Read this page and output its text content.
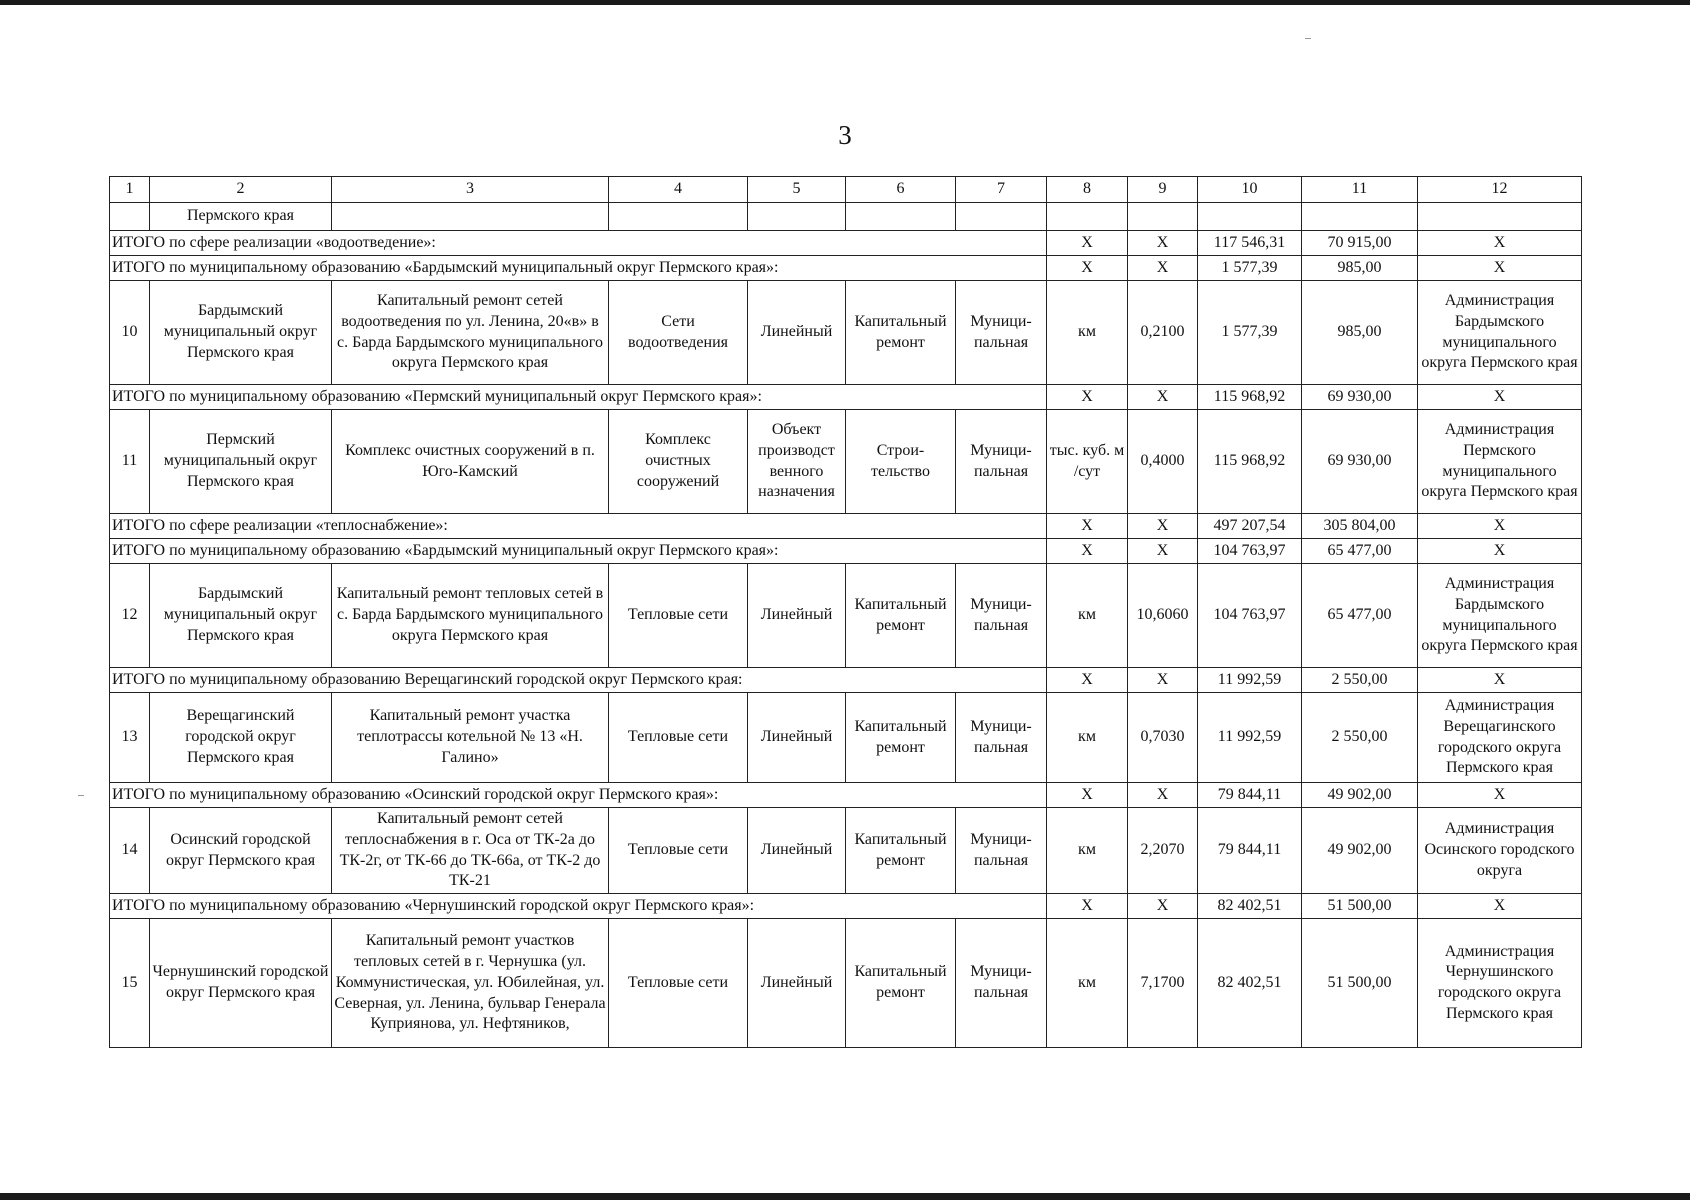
3
1	2	3	4	5	6	7	8	9	10	11	12
	Пермского края										
ИТОГО по сфере реализации «водоотведение»:							Х	Х	117 546,31	70 915,00	Х
ИТОГО по муниципальному образованию «Бардымский муниципальный округ Пермского края»:							Х	Х	1 577,39	985,00	Х
10	Бардымский муниципальный округ Пермского края	Капитальный ремонт сетей водоотведения по ул. Ленина, 20«в» в с. Барда Бардымского муниципального округа Пермского края	Сети водоотведения	Линейный	Капитальный ремонт	Муници-пальная	км	0,2100	1 577,39	985,00	Администрация Бардымского муниципального округа Пермского края
ИТОГО по муниципальному образованию «Пермский муниципальный округ Пермского края»:							Х	Х	115 968,92	69 930,00	Х
11	Пермский муниципальный округ Пермского края	Комплекс очистных сооружений в п. Юго-Камский	Комплекс очистных сооружений	Объект производст венного назначения	Строи-тельство	Муници-пальная	тыс. куб. м /сут	0,4000	115 968,92	69 930,00	Администрация Пермского муниципального округа Пермского края
ИТОГО по сфере реализации «теплоснабжение»:							Х	Х	497 207,54	305 804,00	Х
ИТОГО по муниципальному образованию «Бардымский муниципальный округ Пермского края»:							Х	Х	104 763,97	65 477,00	Х
12	Бардымский муниципальный округ Пермского края	Капитальный ремонт тепловых сетей в с. Барда Бардымского муниципального округа Пермского края	Тепловые сети	Линейный	Капитальный ремонт	Муници-пальная	км	10,6060	104 763,97	65 477,00	Администрация Бардымского муниципального округа Пермского края
ИТОГО по муниципальному образованию Верещагинский городской округ Пермского края:							Х	Х	11 992,59	2 550,00	Х
13	Верещагинский городской округ Пермского края	Капитальный ремонт участка теплотрассы котельной № 13 «Н. Галино»	Тепловые сети	Линейный	Капитальный ремонт	Муници-пальная	км	0,7030	11 992,59	2 550,00	Администрация Верещагинского городского округа Пермского края
ИТОГО по муниципальному образованию «Осинский городской округ Пермского края»:							Х	Х	79 844,11	49 902,00	Х
14	Осинский городской округ Пермского края	Капитальный ремонт сетей теплоснабжения в г. Оса от ТК-2а до ТК-2г, от ТК-66 до ТК-66а, от ТК-2 до ТК-21	Тепловые сети	Линейный	Капитальный ремонт	Муници-пальная	км	2,2070	79 844,11	49 902,00	Администрация Осинского городского округа
ИТОГО по муниципальному образованию «Чернушинский городской округ Пермского края»:							Х	Х	82 402,51	51 500,00	Х
15	Чернушинский городской округ Пермского края	Капитальный ремонт участков тепловых сетей в г. Чернушка (ул. Коммунистическая, ул. Юбилейная, ул. Северная, ул. Ленина, бульвар Генерала Куприянова, ул. Нефтяников,	Тепловые сети	Линейный	Капитальный ремонт	Муници-пальная	км	7,1700	82 402,51	51 500,00	Администрация Чернушинского городского округа Пермского края
